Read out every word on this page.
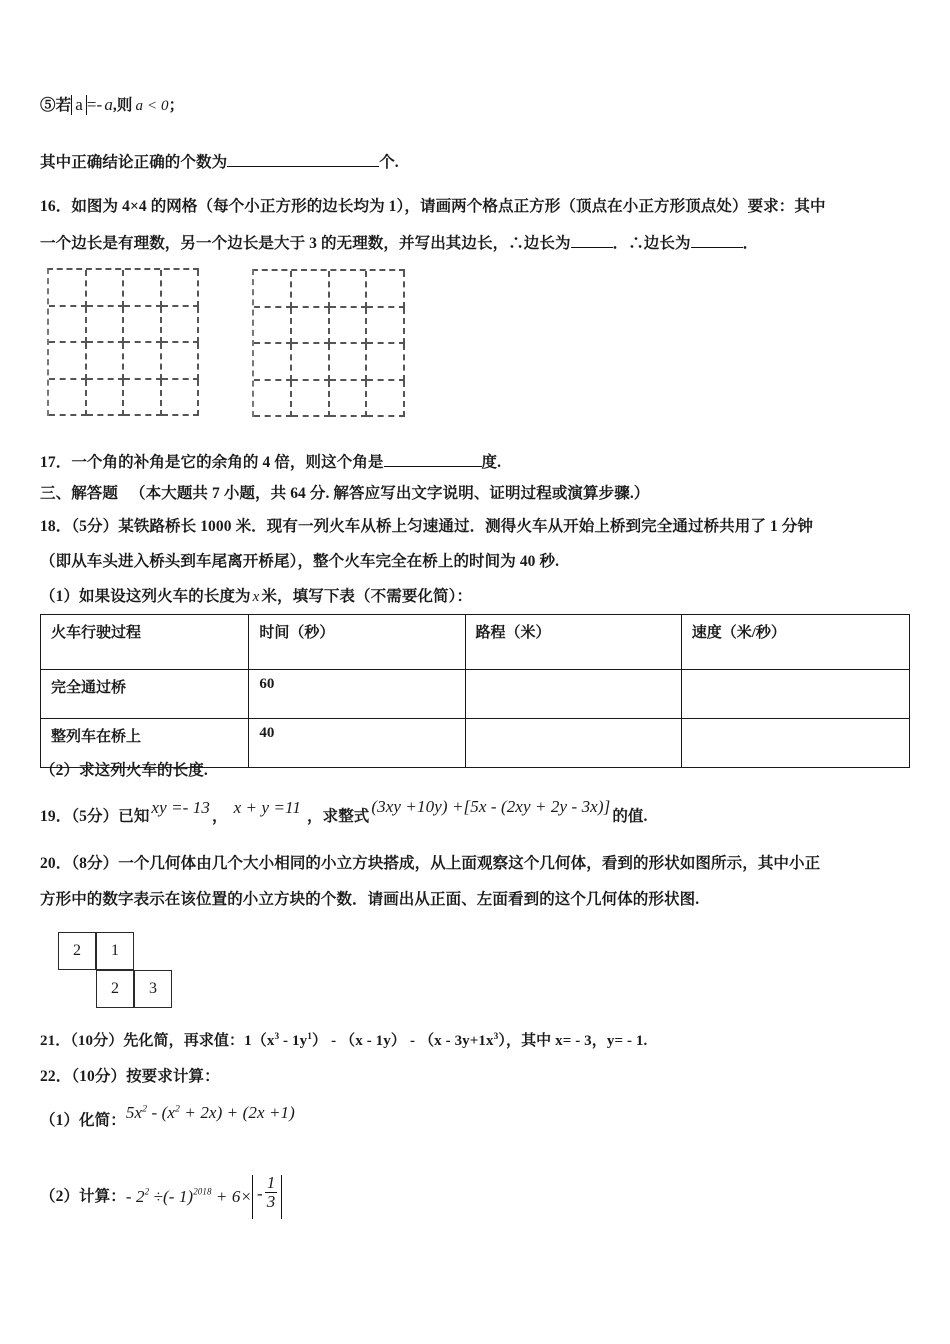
⑤若 a =- a,则 a < 0；
其中正确结论正确的个数为	个.
16．如图为 4×4 的网格（每个小正方形的边长均为 1），请画两个格点正方形（顶点在小正方形顶点处）要求：其中
一个边长是有理数，另一个边长是大于 3 的无理数，并写出其边长，∴边长为	．∴边长为	．
17．一个角的补角是它的余角的 4 倍，则这个角是	度.
三、解答题 （本大题共 7 小题，共 64 分. 解答应写出文字说明、证明过程或演算步骤.）
18．（5分）某铁路桥长 1000 米．现有一列火车从桥上匀速通过．测得火车从开始上桥到完全通过桥共用了 1 分钟
（即从车头进入桥头到车尾离开桥尾），整个火车完全在桥上的时间为 40 秒.
（1）如果设这列火车的长度为 x 米，填写下表（不需要化简）：
火车行驶过程	时间（秒）	路程（米）	速度（米/秒）
完全通过桥	60		
整列车在桥上	40		
（2）求这列火车的长度.
19．（5分）已知 xy =- 13 ， x + y =11 ，求整式(3xy +10y) +[5x - (2xy + 2y - 3x)]的值.
20．（8分）一个几何体由几个大小相同的小立方块搭成，从上面观察这个几何体，看到的形状如图所示，其中小正
方形中的数字表示在该位置的小立方块的个数．请画出从正面、左面看到的这个几何体的形状图.
2	1
2	3
21．（10分）先化简，再求值：$1(x^3 - 1y^1) - (x - 1y) - (x - 3y+1x^3)$，其中 x= - 3，y= - 1.
22．（10分）按要求计算：
（1）化简：$5x^2 - (x^2 + 2x) + (2x +1)$
（2）计算：- $2^2$ ÷(- $1)^{2018} + 6\times - \frac{1}{3}$
